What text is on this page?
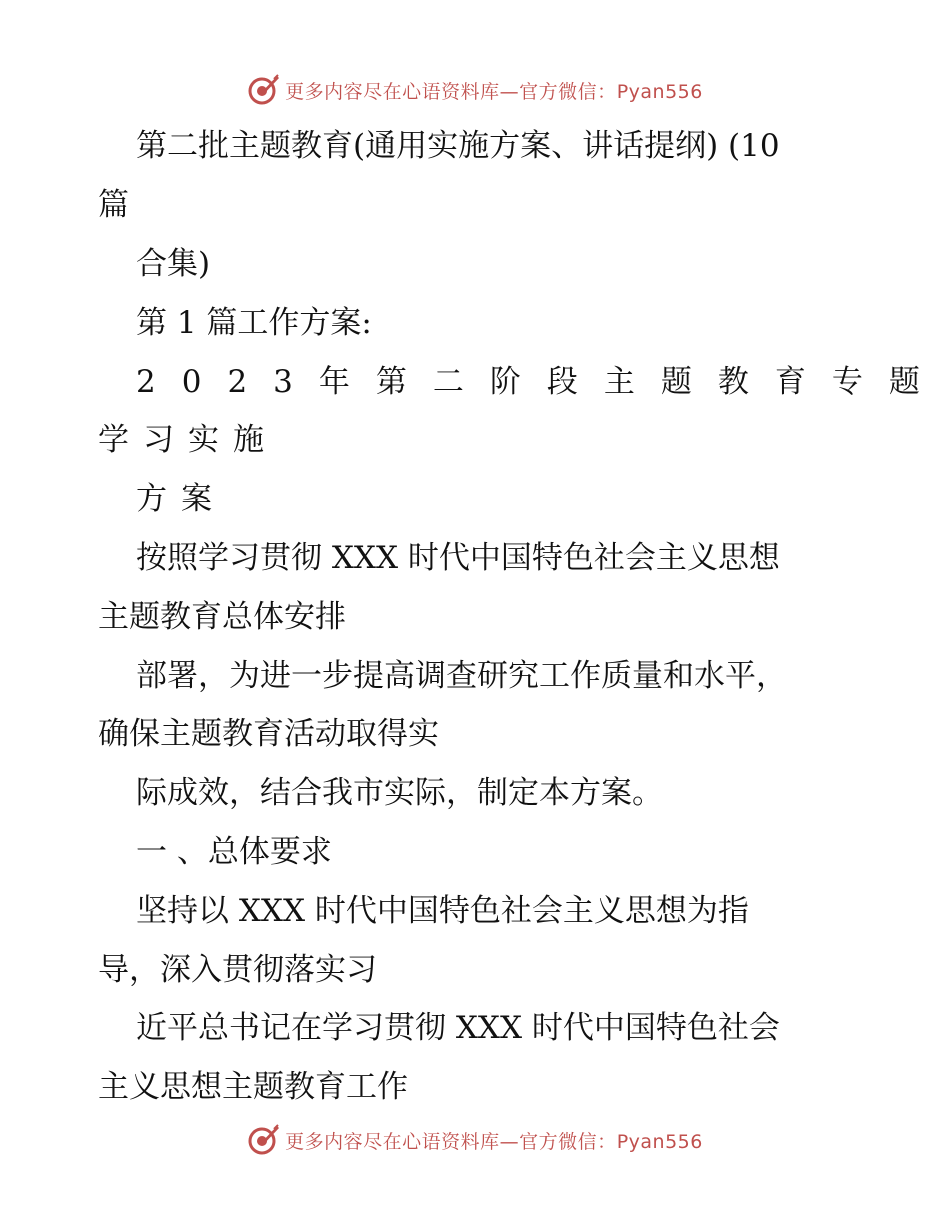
更多内容尽在心语资料库—官方微信：Pyan556
第二批主题教育(通用实施方案、讲话提纲) (10
篇
合集)
第 1 篇工作方案:
2023年第二阶段主题教育专题
学习实施
方案
按照学习贯彻 XXX 时代中国特色社会主义思想
主题教育总体安排
部署，为进一步提高调查研究工作质量和水平，
确保主题教育活动取得实
际成效，结合我市实际，制定本方案。
一 、总体要求
坚持以 XXX 时代中国特色社会主义思想为指
导，深入贯彻落实习
近平总书记在学习贯彻 XXX 时代中国特色社会
主义思想主题教育工作
更多内容尽在心语资料库—官方微信：Pyan556
